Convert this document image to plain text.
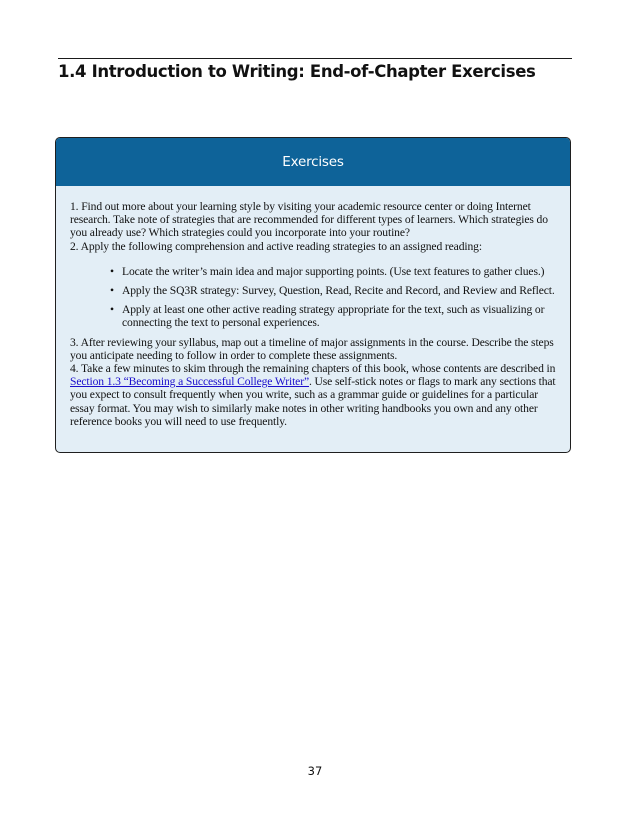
1.4 Introduction to Writing: End-of-Chapter Exercises
Exercises

1. Find out more about your learning style by visiting your academic resource center or doing Internet research. Take note of strategies that are recommended for different types of learners. Which strategies do you already use? Which strategies could you incorporate into your routine?

2. Apply the following comprehension and active reading strategies to an assigned reading:

• Locate the writer’s main idea and major supporting points. (Use text features to gather clues.)
• Apply the SQ3R strategy: Survey, Question, Read, Recite and Record, and Review and Reflect.
• Apply at least one other active reading strategy appropriate for the text, such as visualizing or connecting the text to personal experiences.

3. After reviewing your syllabus, map out a timeline of major assignments in the course. Describe the steps you anticipate needing to follow in order to complete these assignments.

4. Take a few minutes to skim through the remaining chapters of this book, whose contents are described in Section 1.3 “Becoming a Successful College Writer”. Use self-stick notes or flags to mark any sections that you expect to consult frequently when you write, such as a grammar guide or guidelines for a particular essay format. You may wish to similarly make notes in other writing handbooks you own and any other reference books you will need to use frequently.

37
